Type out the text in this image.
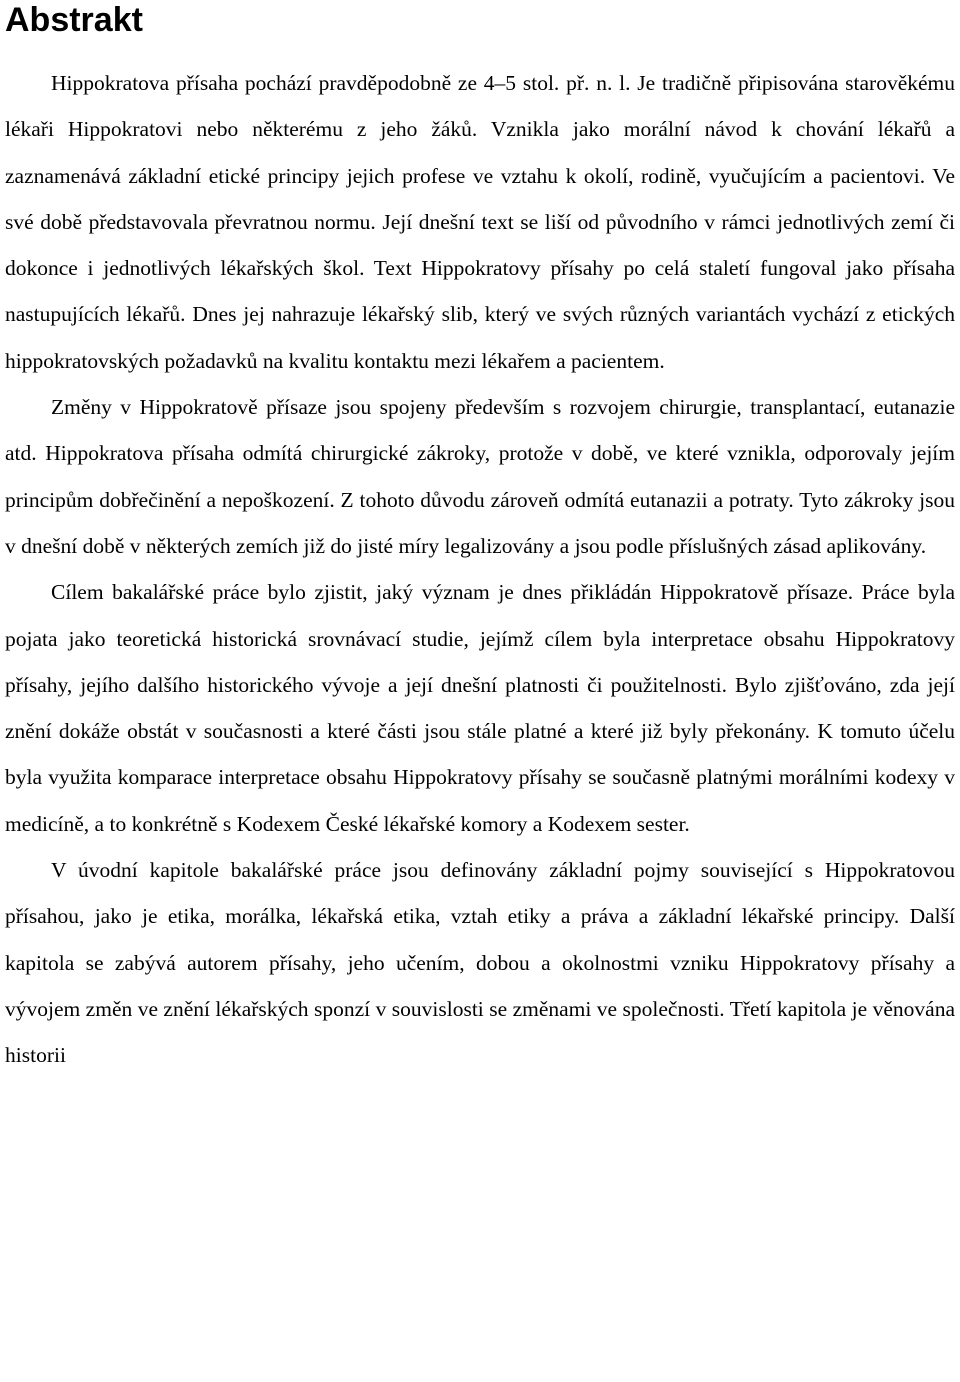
Abstrakt

Hippokratova přísaha pochází pravděpodobně ze 4–5 stol. př. n. l. Je tradičně připisována starověkému lékaři Hippokratovi nebo některému z jeho žáků. Vznikla jako morální návod k chování lékařů a zaznamenává základní etické principy jejich profese ve vztahu k okolí, rodině, vyučujícím a pacientovi. Ve své době představovala převratnou normu. Její dnešní text se liší od původního v rámci jednotlivých zemí či dokonce i jednotlivých lékařských škol. Text Hippokratovy přísahy po celá staletí fungoval jako přísaha nastupujících lékařů. Dnes jej nahrazuje lékařský slib, který ve svých různých variantách vychází z etických hippokratovských požadavků na kvalitu kontaktu mezi lékařem a pacientem.

Změny v Hippokratově přísaze jsou spojeny především s rozvojem chirurgie, transplantací, eutanazie atd. Hippokratova přísaha odmítá chirurgické zákroky, protože v době, ve které vznikla, odporovaly jejím principům dobřečinění a nepoškození. Z tohoto důvodu zároveň odmítá eutanazii a potraty. Tyto zákroky jsou v dnešní době v některých zemích již do jisté míry legalizovány a jsou podle příslušných zásad aplikovány.

Cílem bakalářské práce bylo zjistit, jaký význam je dnes přikládán Hippokratově přísaze. Práce byla pojata jako teoretická historická srovnávací studie, jejímž cílem byla interpretace obsahu Hippokratovy přísahy, jejího dalšího historického vývoje a její dnešní platnosti či použitelnosti. Bylo zjišťováno, zda její znění dokáže obstát v současnosti a které části jsou stále platné a které již byly překonány. K tomuto účelu byla využita komparace interpretace obsahu Hippokratovy přísahy se současně platnými morálními kodexy v medicíně, a to konkrétně s Kodexem České lékařské komory a Kodexem sester.

V úvodní kapitole bakalářské práce jsou definovány základní pojmy související s Hippokratovou přísahou, jako je etika, morálka, lékařská etika, vztah etiky a práva a základní lékařské principy. Další kapitola se zabývá autorem přísahy, jeho učením, dobou a okolnostmi vzniku Hippokratovy přísahy a vývojem změn ve znění lékařských sponzí v souvislosti se změnami ve společnosti. Třetí kapitola je věnována historii
